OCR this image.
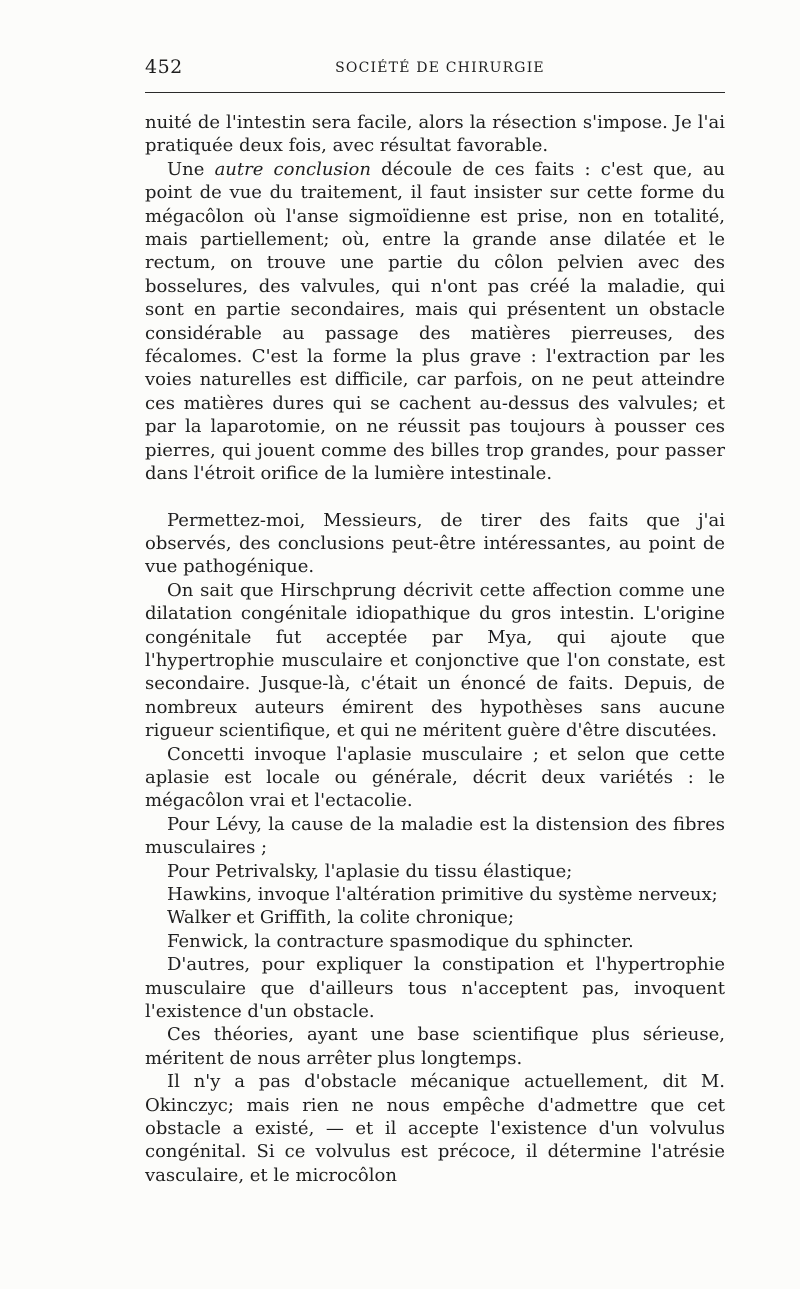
452	SOCIÉTÉ DE CHIRURGIE

nuité de l'intestin sera facile, alors la résection s'impose. Je l'ai pratiquée deux fois, avec résultat favorable.

Une autre conclusion découle de ces faits : c'est que, au point de vue du traitement, il faut insister sur cette forme du mégacôlon où l'anse sigmoïdienne est prise, non en totalité, mais partiellement; où, entre la grande anse dilatée et le rectum, on trouve une partie du côlon pelvien avec des bosselures, des valvules, qui n'ont pas créé la maladie, qui sont en partie secondaires, mais qui présentent un obstacle considérable au passage des matières pierreuses, des fécalomes. C'est la forme la plus grave : l'extraction par les voies naturelles est difficile, car parfois, on ne peut atteindre ces matières dures qui se cachent au-dessus des valvules; et par la laparotomie, on ne réussit pas toujours à pousser ces pierres, qui jouent comme des billes trop grandes, pour passer dans l'étroit orifice de la lumière intestinale.

Permettez-moi, Messieurs, de tirer des faits que j'ai observés, des conclusions peut-être intéressantes, au point de vue pathogénique.

On sait que Hirschprung décrivit cette affection comme une dilatation congénitale idiopathique du gros intestin. L'origine congénitale fut acceptée par Mya, qui ajoute que l'hypertrophie musculaire et conjonctive que l'on constate, est secondaire. Jusque-là, c'était un énoncé de faits. Depuis, de nombreux auteurs émirent des hypothèses sans aucune rigueur scientifique, et qui ne méritent guère d'être discutées.

Concetti invoque l'aplasie musculaire ; et selon que cette aplasie est locale ou générale, décrit deux variétés : le mégacôlon vrai et l'ectacolie.

Pour Lévy, la cause de la maladie est la distension des fibres musculaires ;

Pour Petrivalsky, l'aplasie du tissu élastique;

Hawkins, invoque l'altération primitive du système nerveux;

Walker et Griffith, la colite chronique;

Fenwick, la contracture spasmodique du sphincter.

D'autres, pour expliquer la constipation et l'hypertrophie musculaire que d'ailleurs tous n'acceptent pas, invoquent l'existence d'un obstacle.

Ces théories, ayant une base scientifique plus sérieuse, méritent de nous arrêter plus longtemps.

Il n'y a pas d'obstacle mécanique actuellement, dit M. Okinczyc; mais rien ne nous empêche d'admettre que cet obstacle a existé, — et il accepte l'existence d'un volvulus congénital. Si ce volvulus est précoce, il détermine l'atrésie vasculaire, et le microcôlon
